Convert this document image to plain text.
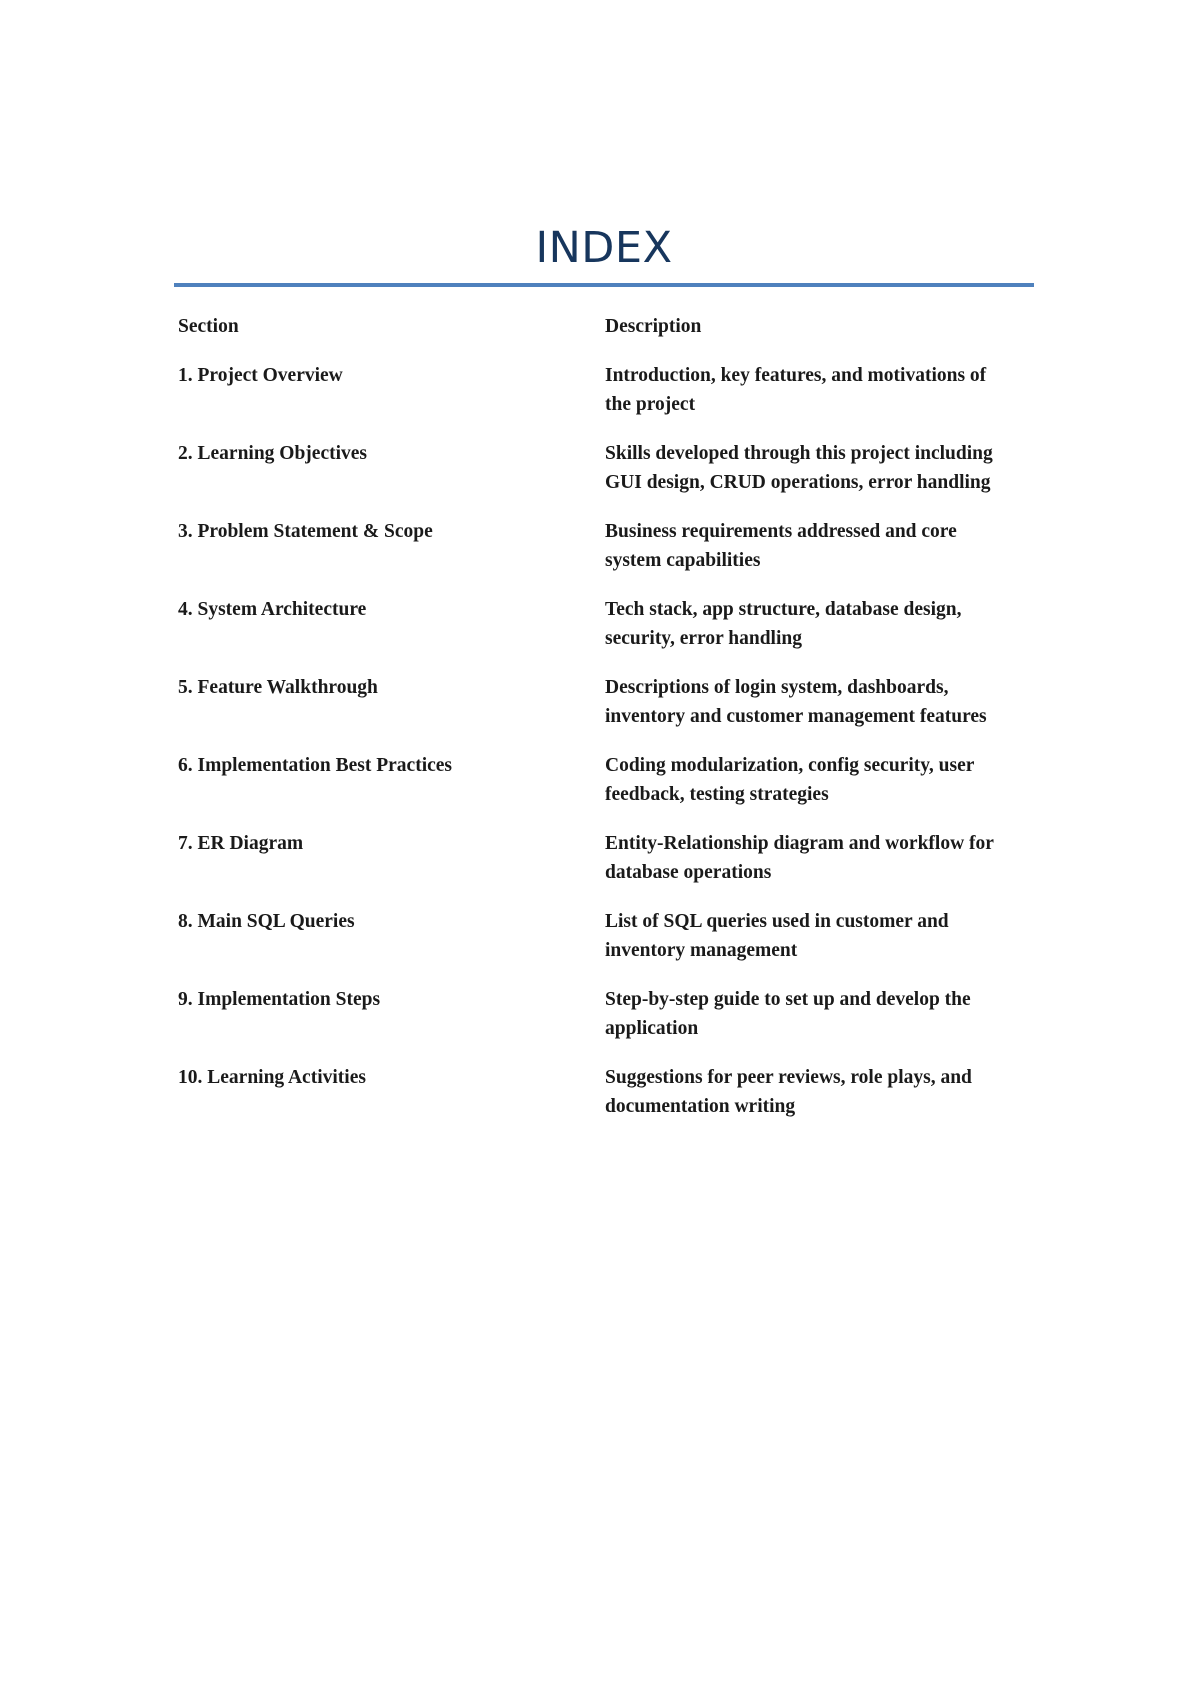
INDEX
Section	Description
1. Project Overview	Introduction, key features, and motivations of the project
2. Learning Objectives	Skills developed through this project including GUI design, CRUD operations, error handling
3. Problem Statement & Scope	Business requirements addressed and core system capabilities
4. System Architecture	Tech stack, app structure, database design, security, error handling
5. Feature Walkthrough	Descriptions of login system, dashboards, inventory and customer management features
6. Implementation Best Practices	Coding modularization, config security, user feedback, testing strategies
7. ER Diagram	Entity-Relationship diagram and workflow for database operations
8. Main SQL Queries	List of SQL queries used in customer and inventory management
9. Implementation Steps	Step-by-step guide to set up and develop the application
10. Learning Activities	Suggestions for peer reviews, role plays, and documentation writing
